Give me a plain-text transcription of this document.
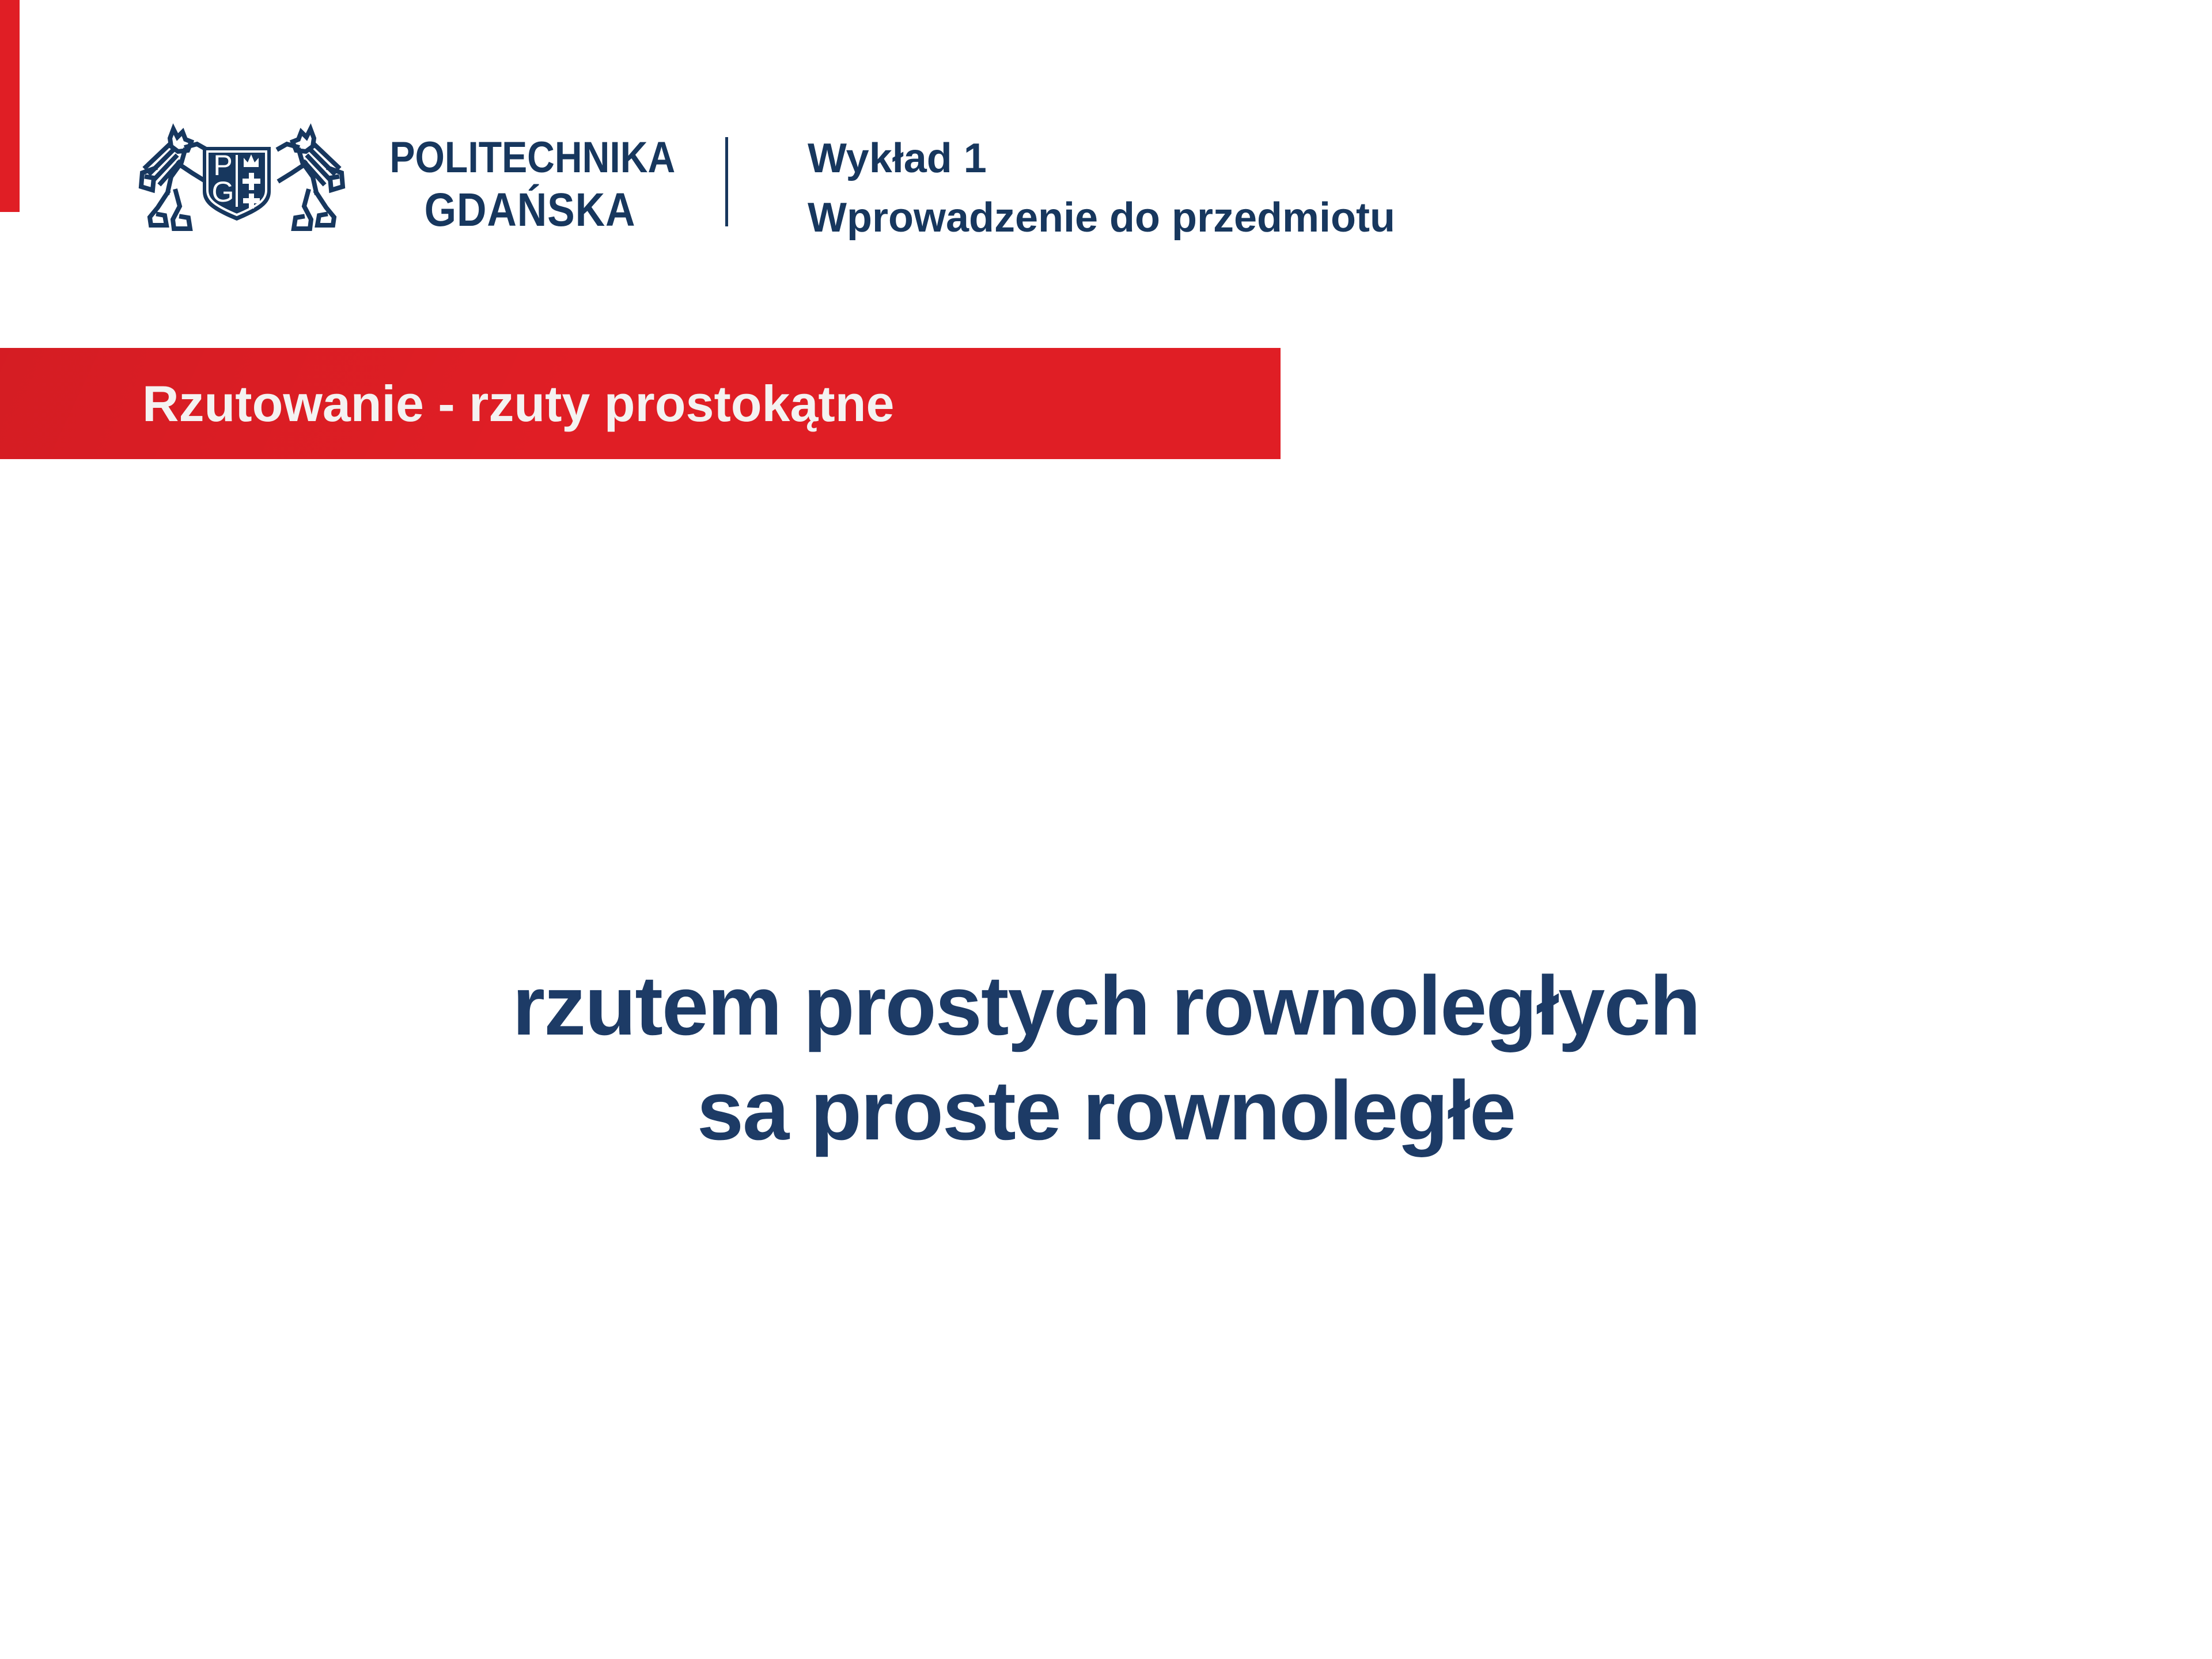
P
G
POLITECHNIKA
GDAŃSKA
Wykład 1
Wprowadzenie do przedmiotu
Rzutowanie - rzuty prostokątne
rzutem prostych rownoległych
sa proste rownoległe
